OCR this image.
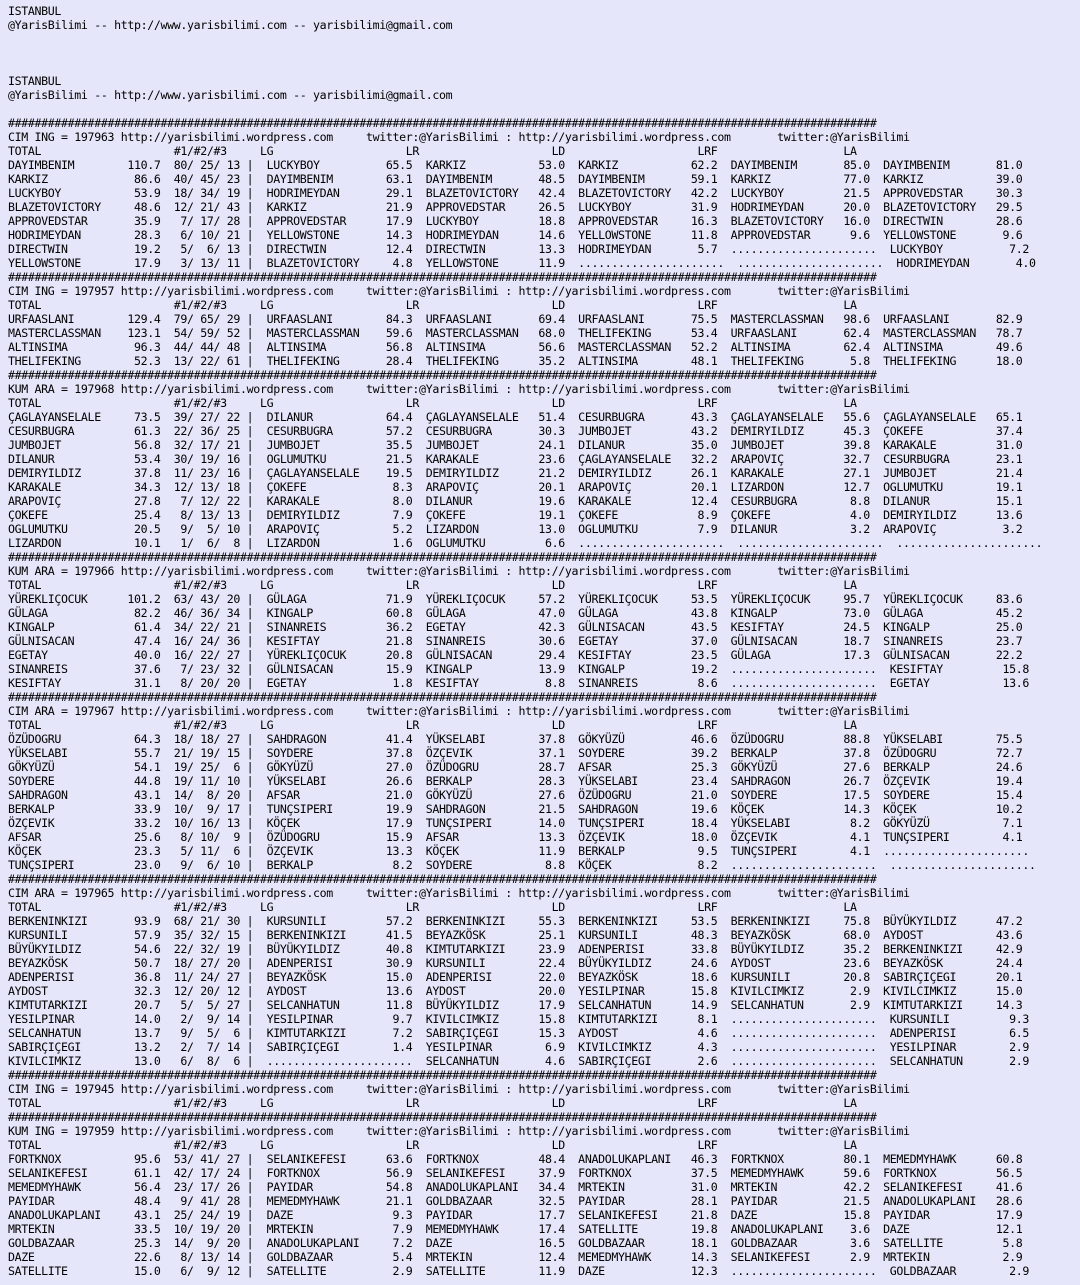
ISTANBUL
@YarisBilimi -- http://www.yarisbilimi.com -- yarisbilimi@gmail.com

ISTANBUL
@YarisBilimi -- http://www.yarisbilimi.com -- yarisbilimi@gmail.com

###################################################################################################################################
CIM ING = 197963 http://yarisbilimi.wordpress.com     twitter:@YarisBilimi : http://yarisbilimi.wordpress.com       twitter:@YarisBilimi
TOTAL                    #1/#2/#3     LG                    LR                    LD                    LRF                   LA
DAYIMBENIM        110.7  80/ 25/ 13 |  LUCKYBOY          65.5  KARKIZ           53.0  KARKIZ           62.2  DAYIMBENIM       85.0  DAYIMBENIM       81.0
KARKIZ             86.6  40/ 45/ 23 |  DAYIMBENIM        63.1  DAYIMBENIM       48.5  DAYIMBENIM       59.1  KARKIZ           77.0  KARKIZ           39.0
LUCKYBOY           53.9  18/ 34/ 19 |  HODRIMEYDAN       29.1  BLAZETOVICTORY   42.4  BLAZETOVICTORY   42.2  LUCKYBOY         21.5  APPROVEDSTAR     30.3
BLAZETOVICTORY     48.6  12/ 21/ 43 |  KARKIZ            21.9  APPROVEDSTAR     26.5  LUCKYBOY         31.9  HODRIMEYDAN      20.0  BLAZETOVICTORY   29.5
APPROVEDSTAR       35.9   7/ 17/ 28 |  APPROVEDSTAR      17.9  LUCKYBOY         18.8  APPROVEDSTAR     16.3  BLAZETOVICTORY   16.0  DIRECTWIN        28.6
HODRIMEYDAN        28.3   6/ 10/ 21 |  YELLOWSTONE       14.3  HODRIMEYDAN      14.6  YELLOWSTONE      11.8  APPROVEDSTAR      9.6  YELLOWSTONE       9.6
DIRECTWIN          19.2   5/  6/ 13 |  DIRECTWIN         12.4  DIRECTWIN        13.3  HODRIMEYDAN       5.7  ......................  LUCKYBOY          7.2
YELLOWSTONE        17.9   3/ 13/ 11 |  BLAZETOVICTORY     4.8  YELLOWSTONE      11.9  ......................  ......................  HODRIMEYDAN       4.0
###################################################################################################################################
CIM ING = 197957 http://yarisbilimi.wordpress.com     twitter:@YarisBilimi : http://yarisbilimi.wordpress.com       twitter:@YarisBilimi
TOTAL                    #1/#2/#3     LG                    LR                    LD                    LRF                   LA
URFAASLANI        129.4  79/ 65/ 29 |  URFAASLANI        84.3  URFAASLANI       69.4  URFAASLANI       75.5  MASTERCLASSMAN   98.6  URFAASLANI       82.9
MASTERCLASSMAN    123.1  54/ 59/ 52 |  MASTERCLASSMAN    59.6  MASTERCLASSMAN   68.0  THELIFEKING      53.4  URFAASLANI       62.4  MASTERCLASSMAN   78.7
ALTINSIMA          96.3  44/ 44/ 48 |  ALTINSIMA         56.8  ALTINSIMA        56.6  MASTERCLASSMAN   52.2  ALTINSIMA        62.4  ALTINSIMA        49.6
THELIFEKING        52.3  13/ 22/ 61 |  THELIFEKING       28.4  THELIFEKING      35.2  ALTINSIMA        48.1  THELIFEKING       5.8  THELIFEKING      18.0
###################################################################################################################################
KUM ARA = 197968 http://yarisbilimi.wordpress.com     twitter:@YarisBilimi : http://yarisbilimi.wordpress.com       twitter:@YarisBilimi
TOTAL                    #1/#2/#3     LG                    LR                    LD                    LRF                   LA
ÇAGLAYANSELALE     73.5  39/ 27/ 22 |  DILANUR           64.4  ÇAGLAYANSELALE   51.4  CESURBUGRA       43.3  ÇAGLAYANSELALE   55.6  ÇAGLAYANSELALE   65.1
CESURBUGRA         61.3  22/ 36/ 25 |  CESURBUGRA        57.2  CESURBUGRA       30.3  JUMBOJET         43.2  DEMIRYILDIZ      45.3  ÇOKEFE           37.4
JUMBOJET           56.8  32/ 17/ 21 |  JUMBOJET          35.5  JUMBOJET         24.1  DILANUR          35.0  JUMBOJET         39.8  KARAKALE         31.0
DILANUR            53.4  30/ 19/ 16 |  OGLUMUTKU         21.5  KARAKALE         23.6  ÇAGLAYANSELALE   32.2  ARAPOVIÇ         32.7  CESURBUGRA       23.1
DEMIRYILDIZ        37.8  11/ 23/ 16 |  ÇAGLAYANSELALE    19.5  DEMIRYILDIZ      21.2  DEMIRYILDIZ      26.1  KARAKALE         27.1  JUMBOJET         21.4
KARAKALE           34.3  12/ 13/ 18 |  ÇOKEFE             8.3  ARAPOVIÇ         20.1  ARAPOVIÇ         20.1  LIZARDON         12.7  OGLUMUTKU        19.1
ARAPOVIÇ           27.8   7/ 12/ 22 |  KARAKALE           8.0  DILANUR          19.6  KARAKALE         12.4  CESURBUGRA        8.8  DILANUR          15.1
ÇOKEFE             25.4   8/ 13/ 13 |  DEMIRYILDIZ        7.9  ÇOKEFE           19.1  ÇOKEFE            8.9  ÇOKEFE            4.0  DEMIRYILDIZ      13.6
OGLUMUTKU          20.5   9/  5/ 10 |  ARAPOVIÇ           5.2  LIZARDON         13.0  OGLUMUTKU         7.9  DILANUR           3.2  ARAPOVIÇ          3.2
LIZARDON           10.1   1/  6/  8 |  LIZARDON           1.6  OGLUMUTKU         6.6  ......................  ......................  ......................
###################################################################################################################################
KUM ARA = 197966 http://yarisbilimi.wordpress.com     twitter:@YarisBilimi : http://yarisbilimi.wordpress.com       twitter:@YarisBilimi
TOTAL                    #1/#2/#3     LG                    LR                    LD                    LRF                   LA
YÜREKLIÇOCUK      101.2  63/ 43/ 20 |  GÜLAGA            71.9  YÜREKLIÇOCUK     57.2  YÜREKLIÇOCUK     53.5  YÜREKLIÇOCUK     95.7  YÜREKLIÇOCUK     83.6
GÜLAGA             82.2  46/ 36/ 34 |  KINGALP           60.8  GÜLAGA           47.0  GÜLAGA           43.8  KINGALP          73.0  GÜLAGA           45.2
KINGALP            61.4  34/ 22/ 21 |  SINANREIS         36.2  EGETAY           42.3  GÜLNISACAN       43.5  KESIFTAY         24.5  KINGALP          25.0
GÜLNISACAN         47.4  16/ 24/ 36 |  KESIFTAY          21.8  SINANREIS        30.6  EGETAY           37.0  GÜLNISACAN       18.7  SINANREIS        23.7
EGETAY             40.0  16/ 22/ 27 |  YÜREKLIÇOCUK      20.8  GÜLNISACAN       29.4  KESIFTAY         23.5  GÜLAGA           17.3  GÜLNISACAN       22.2
SINANREIS          37.6   7/ 23/ 32 |  GÜLNISACAN        15.9  KINGALP          13.9  KINGALP          19.2  ......................  KESIFTAY         15.8
KESIFTAY           31.1   8/ 20/ 20 |  EGETAY             1.8  KESIFTAY          8.8  SINANREIS         8.6  ......................  EGETAY           13.6
###################################################################################################################################
CIM ARA = 197967 http://yarisbilimi.wordpress.com     twitter:@YarisBilimi : http://yarisbilimi.wordpress.com       twitter:@YarisBilimi
TOTAL                    #1/#2/#3     LG                    LR                    LD                    LRF                   LA
ÖZÜDOGRU           64.3  18/ 18/ 27 |  SAHDRAGON         41.4  YÜKSELABI        37.8  GÖKYÜZÜ          46.6  ÖZÜDOGRU         88.8  YÜKSELABI        75.5
YÜKSELABI          55.7  21/ 19/ 15 |  SOYDERE           37.8  ÖZÇEVIK          37.1  SOYDERE          39.2  BERKALP          37.8  ÖZÜDOGRU         72.7
GÖKYÜZÜ            54.1  19/ 25/  6 |  GÖKYÜZÜ           27.0  ÖZÜDOGRU         28.7  AFSAR            25.3  GÖKYÜZÜ          27.6  BERKALP          24.6
SOYDERE            44.8  19/ 11/ 10 |  YÜKSELABI         26.6  BERKALP          28.3  YÜKSELABI        23.4  SAHDRAGON        26.7  ÖZÇEVIK          19.4
SAHDRAGON          43.1  14/  8/ 20 |  AFSAR             21.0  GÖKYÜZÜ          27.6  ÖZÜDOGRU         21.0  SOYDERE          17.5  SOYDERE          15.4
BERKALP            33.9  10/  9/ 17 |  TUNÇSIPERI        19.9  SAHDRAGON        21.5  SAHDRAGON        19.6  KÖÇEK            14.3  KÖÇEK            10.2
ÖZÇEVIK            33.2  10/ 16/ 13 |  KÖÇEK             17.9  TUNÇSIPERI       14.0  TUNÇSIPERI       18.4  YÜKSELABI         8.2  GÖKYÜZÜ           7.1
AFSAR              25.6   8/ 10/  9 |  ÖZÜDOGRU          15.9  AFSAR            13.3  ÖZÇEVIK          18.0  ÖZÇEVIK           4.1  TUNÇSIPERI        4.1
KÖÇEK              23.3   5/ 11/  6 |  ÖZÇEVIK           13.3  KÖÇEK            11.9  BERKALP           9.5  TUNÇSIPERI        4.1  ......................
TUNÇSIPERI         23.0   9/  6/ 10 |  BERKALP            8.2  SOYDERE           8.8  KÖÇEK             8.2  ......................  ......................
###################################################################################################################################
CIM ARA = 197965 http://yarisbilimi.wordpress.com     twitter:@YarisBilimi : http://yarisbilimi.wordpress.com       twitter:@YarisBilimi
TOTAL                    #1/#2/#3     LG                    LR                    LD                    LRF                   LA
BERKENINKIZI       93.9  68/ 21/ 30 |  KURSUNILI         57.2  BERKENINKIZI     55.3  BERKENINKIZI     53.5  BERKENINKIZI     75.8  BÜYÜKYILDIZ      47.2
KURSUNILI          57.9  35/ 32/ 15 |  BERKENINKIZI      41.5  BEYAZKÖSK        25.1  KURSUNILI        48.3  BEYAZKÖSK        68.0  AYDOST           43.6
BÜYÜKYILDIZ        54.6  22/ 32/ 19 |  BÜYÜKYILDIZ       40.8  KIMTUTARKIZI     23.9  ADENPERISI       33.8  BÜYÜKYILDIZ      35.2  BERKENINKIZI     42.9
BEYAZKÖSK          50.7  18/ 27/ 20 |  ADENPERISI        30.9  KURSUNILI        22.4  BÜYÜKYILDIZ      24.6  AYDOST           23.6  BEYAZKÖSK        24.4
ADENPERISI         36.8  11/ 24/ 27 |  BEYAZKÖSK         15.0  ADENPERISI       22.0  BEYAZKÖSK        18.6  KURSUNILI        20.8  SABIRÇIÇEGI      20.1
AYDOST             32.3  12/ 20/ 12 |  AYDOST            13.6  AYDOST           20.0  YESILPINAR       15.8  KIVILCIMKIZ       2.9  KIVILCIMKIZ      15.0
KIMTUTARKIZI       20.7   5/  5/ 27 |  SELCANHATUN       11.8  BÜYÜKYILDIZ      17.9  SELCANHATUN      14.9  SELCANHATUN       2.9  KIMTUTARKIZI     14.3
YESILPINAR         14.0   2/  9/ 14 |  YESILPINAR         9.7  KIVILCIMKIZ      15.8  KIMTUTARKIZI      8.1  ......................  KURSUNILI         9.3
SELCANHATUN        13.7   9/  5/  6 |  KIMTUTARKIZI       7.2  SABIRÇIÇEGI      15.3  AYDOST            4.6  ......................  ADENPERISI        6.5
SABIRÇIÇEGI        13.2   2/  7/ 14 |  SABIRÇIÇEGI        1.4  YESILPINAR        6.9  KIVILCIMKIZ       4.3  ......................  YESILPINAR        2.9
KIVILCIMKIZ        13.0   6/  8/  6 |  ......................  SELCANHATUN       4.6  SABIRÇIÇEGI       2.6  ......................  SELCANHATUN       2.9
###################################################################################################################################
CIM ING = 197945 http://yarisbilimi.wordpress.com     twitter:@YarisBilimi : http://yarisbilimi.wordpress.com       twitter:@YarisBilimi
TOTAL                    #1/#2/#3     LG                    LR                    LD                    LRF                   LA
###################################################################################################################################
KUM ING = 197959 http://yarisbilimi.wordpress.com     twitter:@YarisBilimi : http://yarisbilimi.wordpress.com       twitter:@YarisBilimi
TOTAL                    #1/#2/#3     LG                    LR                    LD                    LRF                   LA
FORTKNOX           95.6  53/ 41/ 27 |  SELANIKEFESI      63.6  FORTKNOX         48.4  ANADOLUKAPLANI   46.3  FORTKNOX         80.1  MEMEDMYHAWK      60.8
SELANIKEFESI       61.1  42/ 17/ 24 |  FORTKNOX          56.9  SELANIKEFESI     37.9  FORTKNOX         37.5  MEMEDMYHAWK      59.6  FORTKNOX         56.5
MEMEDMYHAWK        56.4  23/ 17/ 26 |  PAYIDAR           54.8  ANADOLUKAPLANI   34.4  MRTEKIN          31.0  MRTEKIN          42.2  SELANIKEFESI     41.6
PAYIDAR            48.4   9/ 41/ 28 |  MEMEDMYHAWK       21.1  GOLDBAZAAR       32.5  PAYIDAR          28.1  PAYIDAR          21.5  ANADOLUKAPLANI   28.6
ANADOLUKAPLANI     43.1  25/ 24/ 19 |  DAZE               9.3  PAYIDAR          17.7  SELANIKEFESI     21.8  DAZE             15.8  PAYIDAR          17.9
MRTEKIN            33.5  10/ 19/ 20 |  MRTEKIN            7.9  MEMEDMYHAWK      17.4  SATELLITE        19.8  ANADOLUKAPLANI    3.6  DAZE             12.1
GOLDBAZAAR         25.3  14/  9/ 20 |  ANADOLUKAPLANI     7.2  DAZE             16.5  GOLDBAZAAR       18.1  GOLDBAZAAR        3.6  SATELLITE         5.8
DAZE               22.6   8/ 13/ 14 |  GOLDBAZAAR         5.4  MRTEKIN          12.4  MEMEDMYHAWK      14.3  SELANIKEFESI      2.9  MRTEKIN           2.9
SATELLITE          15.0   6/  9/ 12 |  SATELLITE          2.9  SATELLITE        11.9  DAZE             12.3  ......................  GOLDBAZAAR        2.9
